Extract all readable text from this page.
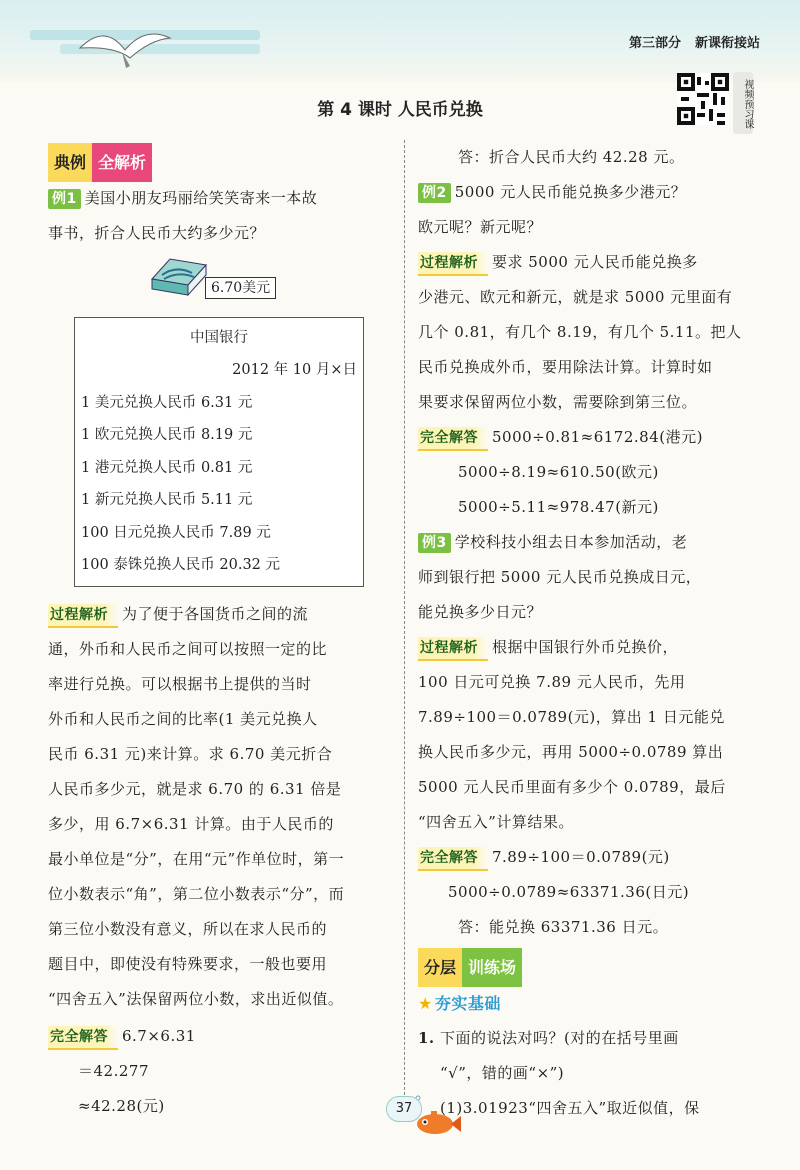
第三部分 新课衔接站
第 4 课时 人民币兑换	视频预习课
典例 全解析

例1 美国小朋友玛丽给笑笑寄来一本故

事书，折合人民币大约多少元？

6.70美元
中国银行
2012 年 10 月×日
1 美元兑换人民币 6.31 元
1 欧元兑换人民币 8.19 元
1 港元兑换人民币 0.81 元
1 新元兑换人民币 5.11 元
100 日元兑换人民币 7.89 元
100 泰铢兑换人民币 20.32 元

过程解析 为了便于各国货币之间的流

通，外币和人民币之间可以按照一定的比

率进行兑换。可以根据书上提供的当时

外币和人民币之间的比率(1 美元兑换人

民币 6.31 元)来计算。求 6.70 美元折合

人民币多少元，就是求 6.70 的 6.31 倍是

多少，用 6.7×6.31 计算。由于人民币的

最小单位是“分”，在用“元”作单位时，第一

位小数表示“角”，第二位小数表示“分”，而

第三位小数没有意义，所以在求人民币的

题目中，即使没有特殊要求，一般也要用

“四舍五入”法保留两位小数，求出近似值。

完全解答 6.7×6.31

＝42.277

≈42.28(元)

答：折合人民币大约 42.28 元。

例2 5000 元人民币能兑换多少港元？

欧元呢？新元呢？

过程解析 要求 5000 元人民币能兑换多

少港元、欧元和新元，就是求 5000 元里面有

几个 0.81，有几个 8.19，有几个 5.11。把人

民币兑换成外币，要用除法计算。计算时如

果要求保留两位小数，需要除到第三位。

完全解答 5000÷0.81≈6172.84(港元)

5000÷8.19≈610.50(欧元)

5000÷5.11≈978.47(新元)

例3 学校科技小组去日本参加活动，老

师到银行把 5000 元人民币兑换成日元，

能兑换多少日元？

过程解析 根据中国银行外币兑换价，

100 日元可兑换 7.89 元人民币，先用

7.89÷100＝0.0789(元)，算出 1 日元能兑

换人民币多少元，再用 5000÷0.0789 算出

5000 元人民币里面有多少个 0.0789，最后

“四舍五入”计算结果。

完全解答 7.89÷100＝0.0789(元)

5000÷0.0789≈63371.36(日元)

答：能兑换 63371.36 日元。

分层 训练场

★ 夯实基础

1. 下面的说法对吗？(对的在括号里画

“√”，错的画“×”)

(1)3.01923“四舍五入”取近似值，保

37
